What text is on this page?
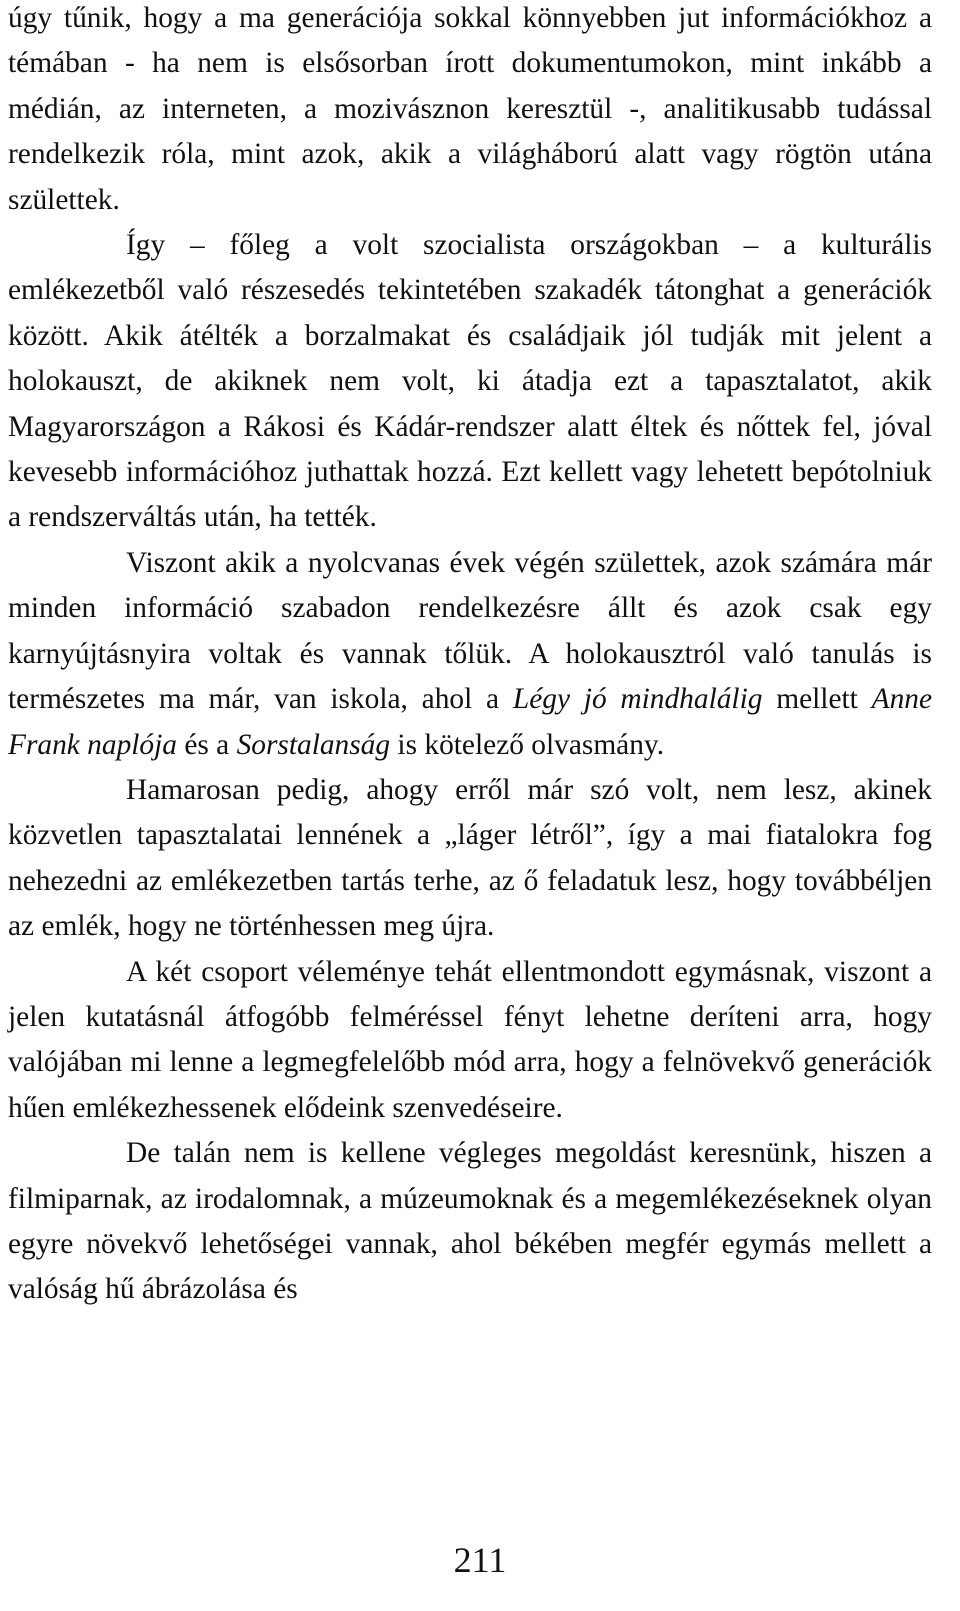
úgy tűnik, hogy a ma generációja sokkal könnyebben jut információkhoz a témában - ha nem is elsősorban írott dokumentumokon, mint inkább a médián, az interneten, a mozivásznon keresztül -, analitikusabb tudással rendelkezik róla, mint azok, akik a világháború alatt vagy rögtön utána születtek.

Így – főleg a volt szocialista országokban – a kulturális emlékezetből való részesedés tekintetében szakadék tátonghat a generációk között. Akik átélték a borzalmakat és családjaik jól tudják mit jelent a holokauszt, de akiknek nem volt, ki átadja ezt a tapasztalatot, akik Magyarországon a Rákosi és Kádár-rendszer alatt éltek és nőttek fel, jóval kevesebb információhoz juthattak hozzá. Ezt kellett vagy lehetett bepótolniuk a rendszerváltás után, ha tették.

Viszont akik a nyolcvanas évek végén születtek, azok számára már minden információ szabadon rendelkezésre állt és azok csak egy karnyújtásnyira voltak és vannak tőlük. A holokausztról való tanulás is természetes ma már, van iskola, ahol a Légy jó mindhalálig mellett Anne Frank naplója és a Sorstalanság is kötelező olvasmány.

Hamarosan pedig, ahogy erről már szó volt, nem lesz, akinek közvetlen tapasztalatai lennének a „láger létről”, így a mai fiatalokra fog nehezedni az emlékezetben tartás terhe, az ő feladatuk lesz, hogy továbbéljen az emlék, hogy ne történhessen meg újra.

A két csoport véleménye tehát ellentmondott egymásnak, viszont a jelen kutatásnál átfogóbb felméréssel fényt lehetne deríteni arra, hogy valójában mi lenne a legmegfelelőbb mód arra, hogy a felnövekvő generációk hűen emlékezhessenek elődeink szenvedéseire.

De talán nem is kellene végleges megoldást keresnünk, hiszen a filmiparnak, az irodalomnak, a múzeumoknak és a megemlékezéseknek olyan egyre növekvő lehetőségei vannak, ahol békében megfér egymás mellett a valóság hű ábrázolása és

211
